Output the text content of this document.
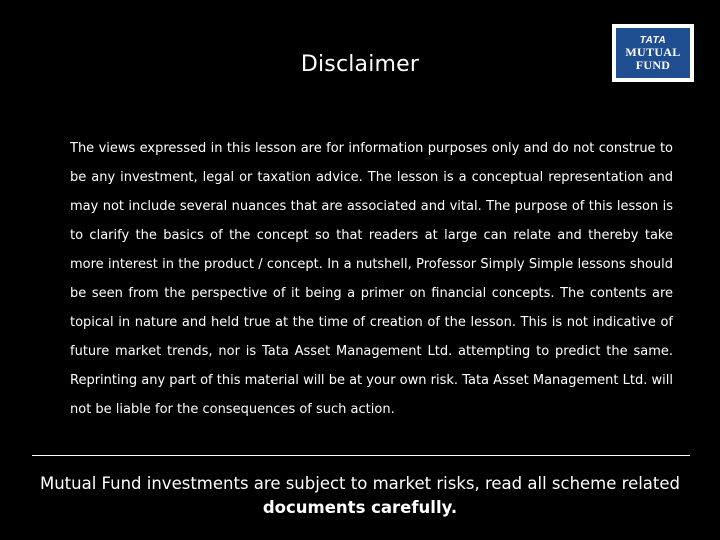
Disclaimer
TATA
MUTUAL
FUND
The views expressed in this lesson are for information purposes only and do not construe to be any investment, legal or taxation advice. The lesson is a conceptual representation and may not include several nuances that are associated and vital. The purpose of this lesson is to clarify the basics of the concept so that readers at large can relate and thereby take more interest in the product / concept. In a nutshell, Professor Simply Simple lessons should be seen from the perspective of it being a primer on financial concepts. The contents are topical in nature and held true at the time of creation of the lesson. This is not indicative of future market trends, nor is Tata Asset Management Ltd. attempting to predict the same. Reprinting any part of this material will be at your own risk. Tata Asset Management Ltd. will not be liable for the consequences of such action.
Mutual Fund investments are subject to market risks, read all scheme related documents carefully.
